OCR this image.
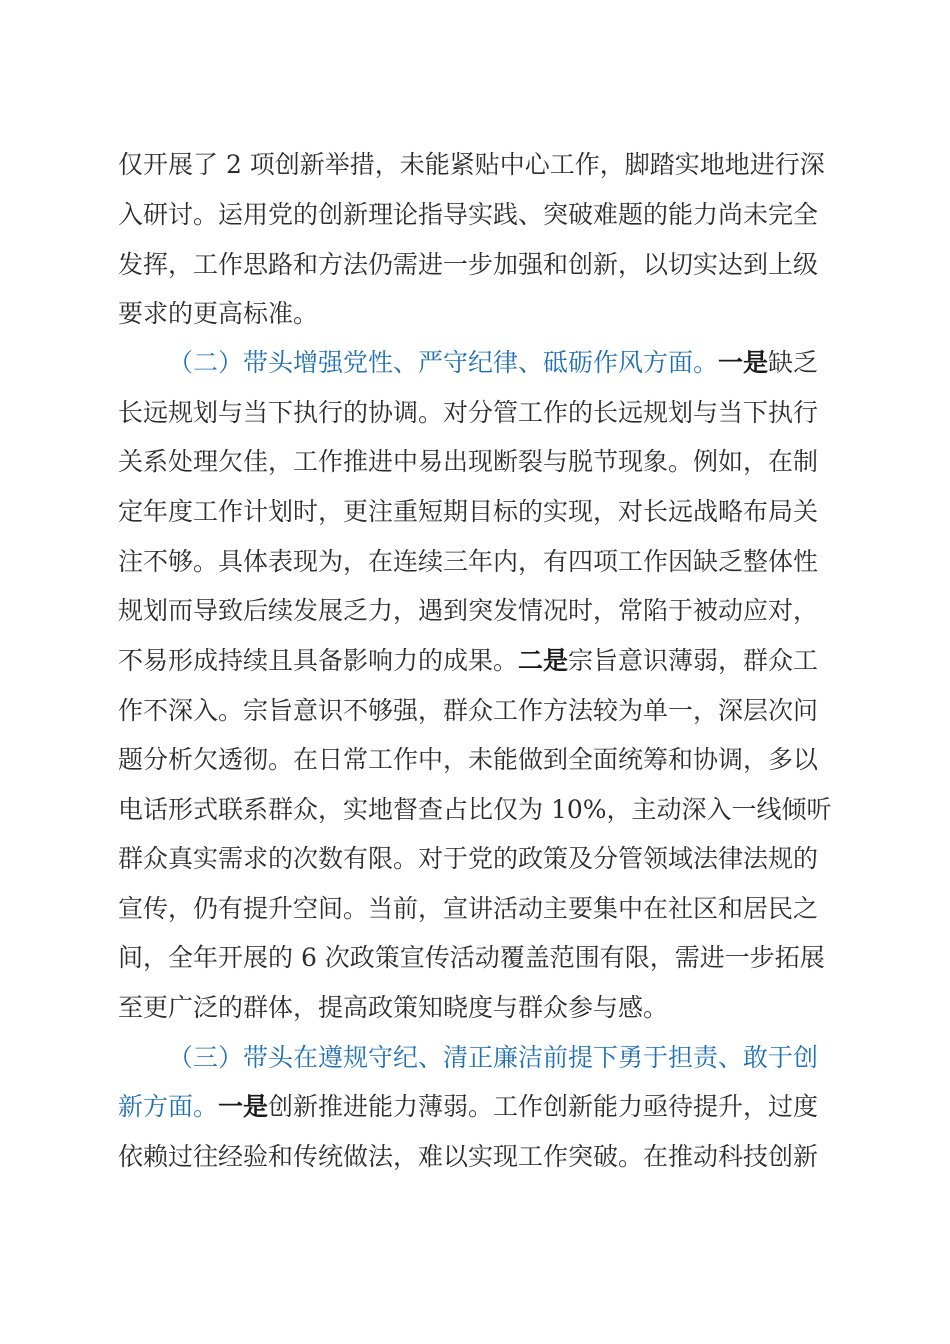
仅开展了 2 项创新举措，未能紧贴中心工作，脚踏实地地进行深
入研讨。运用党的创新理论指导实践、突破难题的能力尚未完全
发挥，工作思路和方法仍需进一步加强和创新，以切实达到上级
要求的更高标准。
（二）带头增强党性、严守纪律、砥砺作风方面。一是缺乏
长远规划与当下执行的协调。对分管工作的长远规划与当下执行
关系处理欠佳，工作推进中易出现断裂与脱节现象。例如，在制
定年度工作计划时，更注重短期目标的实现，对长远战略布局关
注不够。具体表现为，在连续三年内，有四项工作因缺乏整体性
规划而导致后续发展乏力，遇到突发情况时，常陷于被动应对，
不易形成持续且具备影响力的成果。二是宗旨意识薄弱，群众工
作不深入。宗旨意识不够强，群众工作方法较为单一，深层次问
题分析欠透彻。在日常工作中，未能做到全面统筹和协调，多以
电话形式联系群众，实地督查占比仅为 10%，主动深入一线倾听
群众真实需求的次数有限。对于党的政策及分管领域法律法规的
宣传，仍有提升空间。当前，宣讲活动主要集中在社区和居民之
间，全年开展的 6 次政策宣传活动覆盖范围有限，需进一步拓展
至更广泛的群体，提高政策知晓度与群众参与感。
（三）带头在遵规守纪、清正廉洁前提下勇于担责、敢于创
新方面。一是创新推进能力薄弱。工作创新能力亟待提升，过度
依赖过往经验和传统做法，难以实现工作突破。在推动科技创新
